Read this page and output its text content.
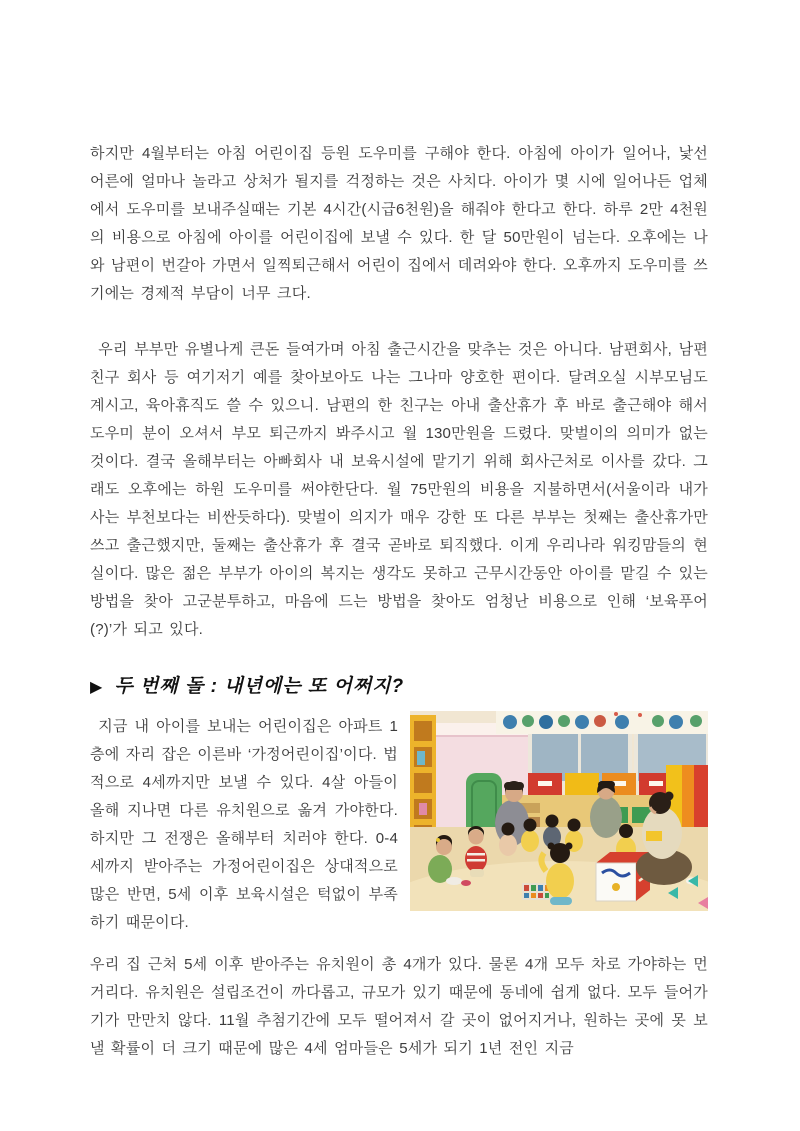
하지만 4월부터는 아침 어린이집 등원 도우미를 구해야 한다. 아침에 아이가 일어나, 낯선 어른에 얼마나 놀라고 상처가 될지를 걱정하는 것은 사치다. 아이가 몇 시에 일어나든 업체에서 도우미를 보내주실때는 기본 4시간(시급6천원)을 해줘야 한다고 한다. 하루 2만 4천원의 비용으로 아침에 아이를 어린이집에 보낼 수 있다. 한 달 50만원이 넘는다. 오후에는 나와 남편이 번갈아 가면서 일찍퇴근해서 어린이 집에서 데려와야 한다. 오후까지 도우미를 쓰기에는 경제적 부담이 너무 크다.

우리 부부만 유별나게 큰돈 들여가며 아침 출근시간을 맞추는 것은 아니다. 남편회사, 남편 친구 회사 등 여기저기 예를 찾아보아도 나는 그나마 양호한 편이다. 달려오실 시부모님도 계시고, 육아휴직도 쓸 수 있으니. 남편의 한 친구는 아내 출산휴가 후 바로 출근해야 해서 도우미 분이 오셔서 부모 퇴근까지 봐주시고 월 130만원을 드렸다. 맞벌이의 의미가 없는 것이다. 결국 올해부터는 아빠회사 내 보육시설에 맡기기 위해 회사근처로 이사를 갔다. 그래도 오후에는 하원 도우미를 써야한단다. 월 75만원의 비용을 지불하면서(서울이라 내가 사는 부천보다는 비싼듯하다). 맞벌이 의지가 매우 강한 또 다른 부부는 첫째는 출산휴가만 쓰고 출근했지만, 둘째는 출산휴가 후 결국 곧바로 퇴직했다. 이게 우리나라 워킹맘들의 현실이다. 많은 젊은 부부가 아이의 복지는 생각도 못하고 근무시간동안 아이를 맡길 수 있는 방법을 찾아 고군분투하고, 마음에 드는 방법을 찾아도 엄청난 비용으로 인해 ‘보육푸어(?)’가 되고 있다.

▶ 두 번째 돌 : 내년에는 또 어쩌지?

지금 내 아이를 보내는 어린이집은 아파트 1층에 자리 잡은 이른바 ‘가정어린이집’이다. 법적으로 4세까지만 보낼 수 있다. 4살 아들이 올해 지나면 다른 유치원으로 옮겨 가야한다. 하지만 그 전쟁은 올해부터 치러야 한다. 0-4세까지 받아주는 가정어린이집은 상대적으로 많은 반면, 5세 이후 보육시설은 턱없이 부족하기 때문이다.

우리 집 근처 5세 이후 받아주는 유치원이 총 4개가 있다. 물론 4개 모두 차로 가야하는 먼 거리다. 유치원은 설립조건이 까다롭고, 규모가 있기 때문에 동네에 쉽게 없다. 모두 들어가기가 만만치 않다. 11월 추첨기간에 모두 떨어져서 갈 곳이 없어지거나, 원하는 곳에 못 보낼 확률이 더 크기 때문에 많은 4세 엄마들은 5세가 되기 1년 전인 지금
